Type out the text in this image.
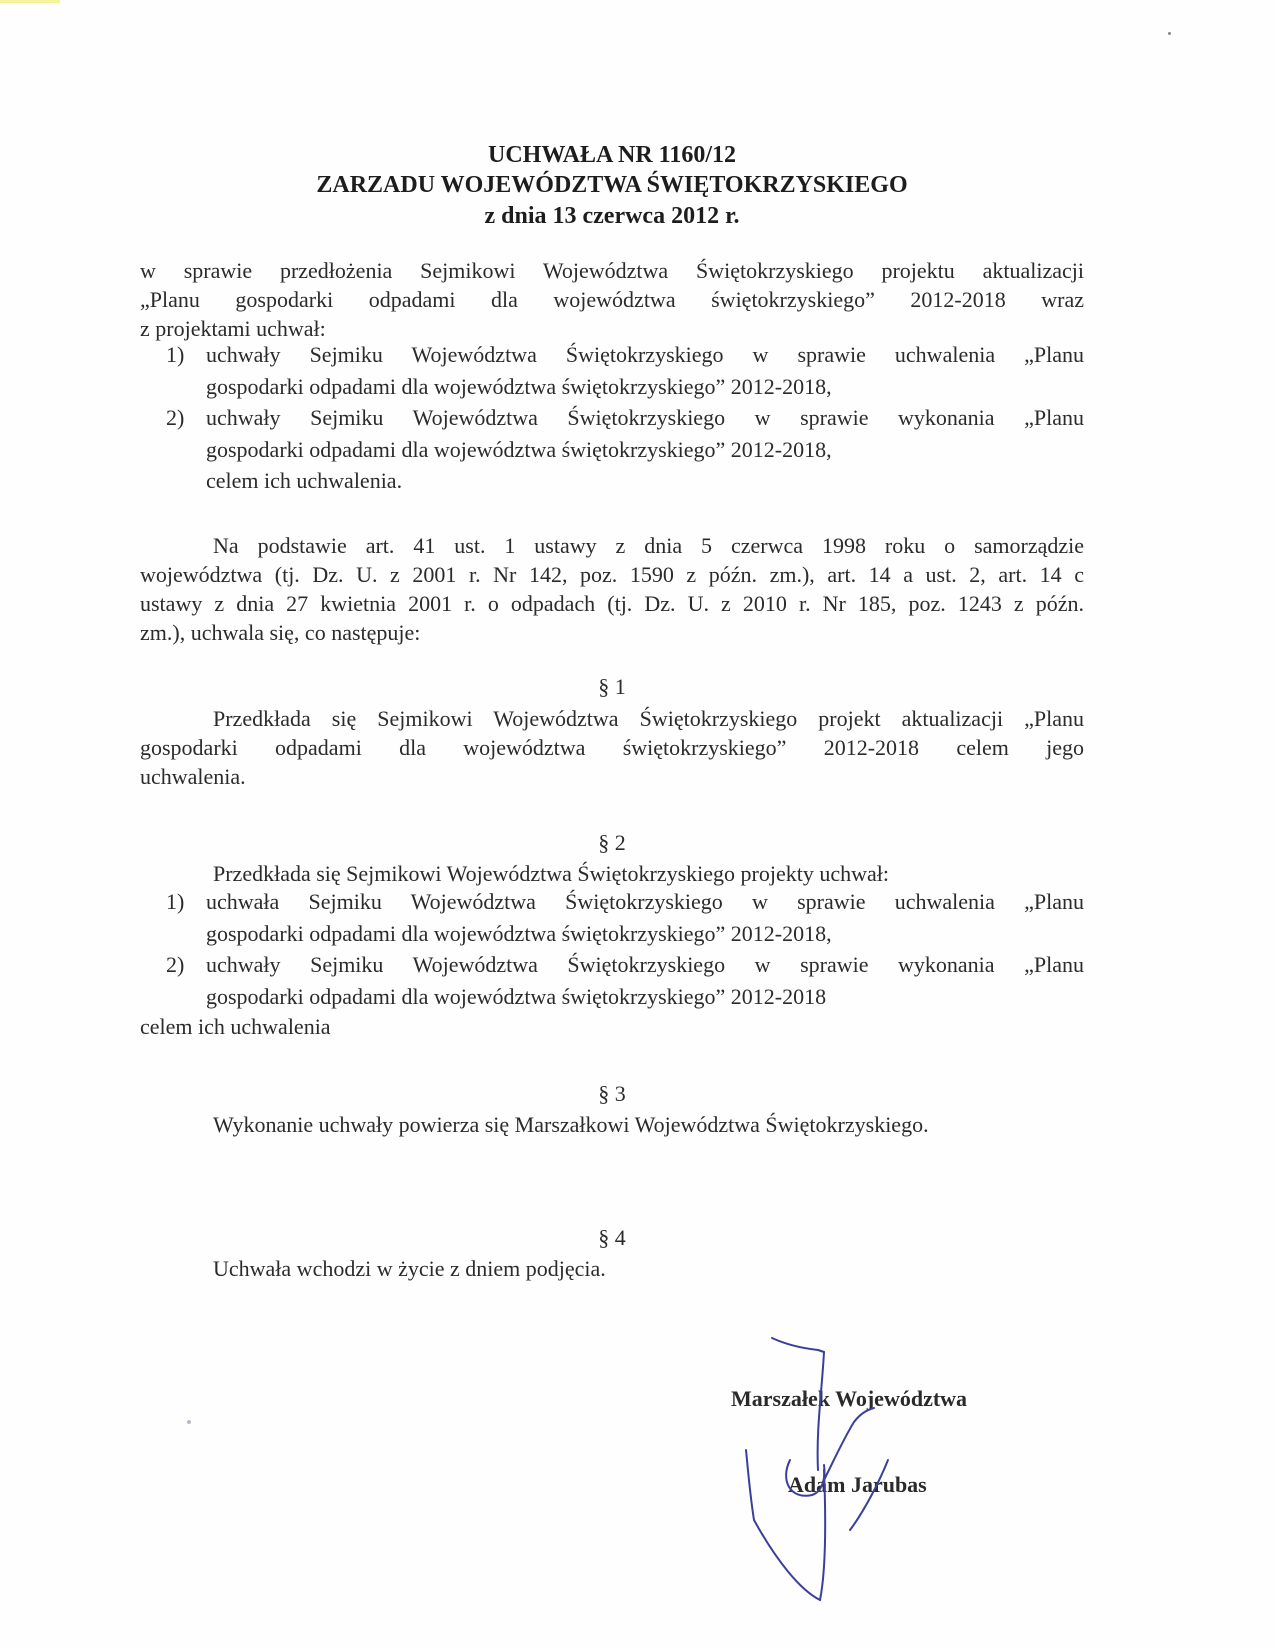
UCHWAŁA NR 1160/12
ZARZADU WOJEWÓDZTWA ŚWIĘTOKRZYSKIEGO
z dnia 13 czerwca 2012 r.
w sprawie przedłożenia Sejmikowi Województwa Świętokrzyskiego projektu aktualizacji
„Planu gospodarki odpadami dla województwa świętokrzyskiego” 2012-2018 wraz
z projektami uchwał:
1) uchwały Sejmiku Województwa Świętokrzyskiego w sprawie uchwalenia „Planu
gospodarki odpadami dla województwa świętokrzyskiego” 2012-2018,
2) uchwały Sejmiku Województwa Świętokrzyskiego w sprawie wykonania „Planu
gospodarki odpadami dla województwa świętokrzyskiego” 2012-2018,
celem ich uchwalenia.
Na podstawie art. 41 ust. 1 ustawy z dnia 5 czerwca 1998 roku o samorządzie
województwa (tj. Dz. U. z 2001 r. Nr 142, poz. 1590 z późn. zm.), art. 14 a ust. 2, art. 14 c
ustawy z dnia 27 kwietnia 2001 r. o odpadach (tj. Dz. U. z 2010 r. Nr 185, poz. 1243 z późn.
zm.), uchwala się, co następuje:
§ 1
Przedkłada się Sejmikowi Województwa Świętokrzyskiego projekt aktualizacji „Planu
gospodarki odpadami dla województwa świętokrzyskiego” 2012-2018 celem jego
uchwalenia.
§ 2
Przedkłada się Sejmikowi Województwa Świętokrzyskiego projekty uchwał:
1) uchwała Sejmiku Województwa Świętokrzyskiego w sprawie uchwalenia „Planu
gospodarki odpadami dla województwa świętokrzyskiego” 2012-2018,
2) uchwały Sejmiku Województwa Świętokrzyskiego w sprawie wykonania „Planu
gospodarki odpadami dla województwa świętokrzyskiego” 2012-2018
celem ich uchwalenia
§ 3
Wykonanie uchwały powierza się Marszałkowi Województwa Świętokrzyskiego.
§ 4
Uchwała wchodzi w życie z dniem podjęcia.
Marszałek Województwa
Adam Jarubas
